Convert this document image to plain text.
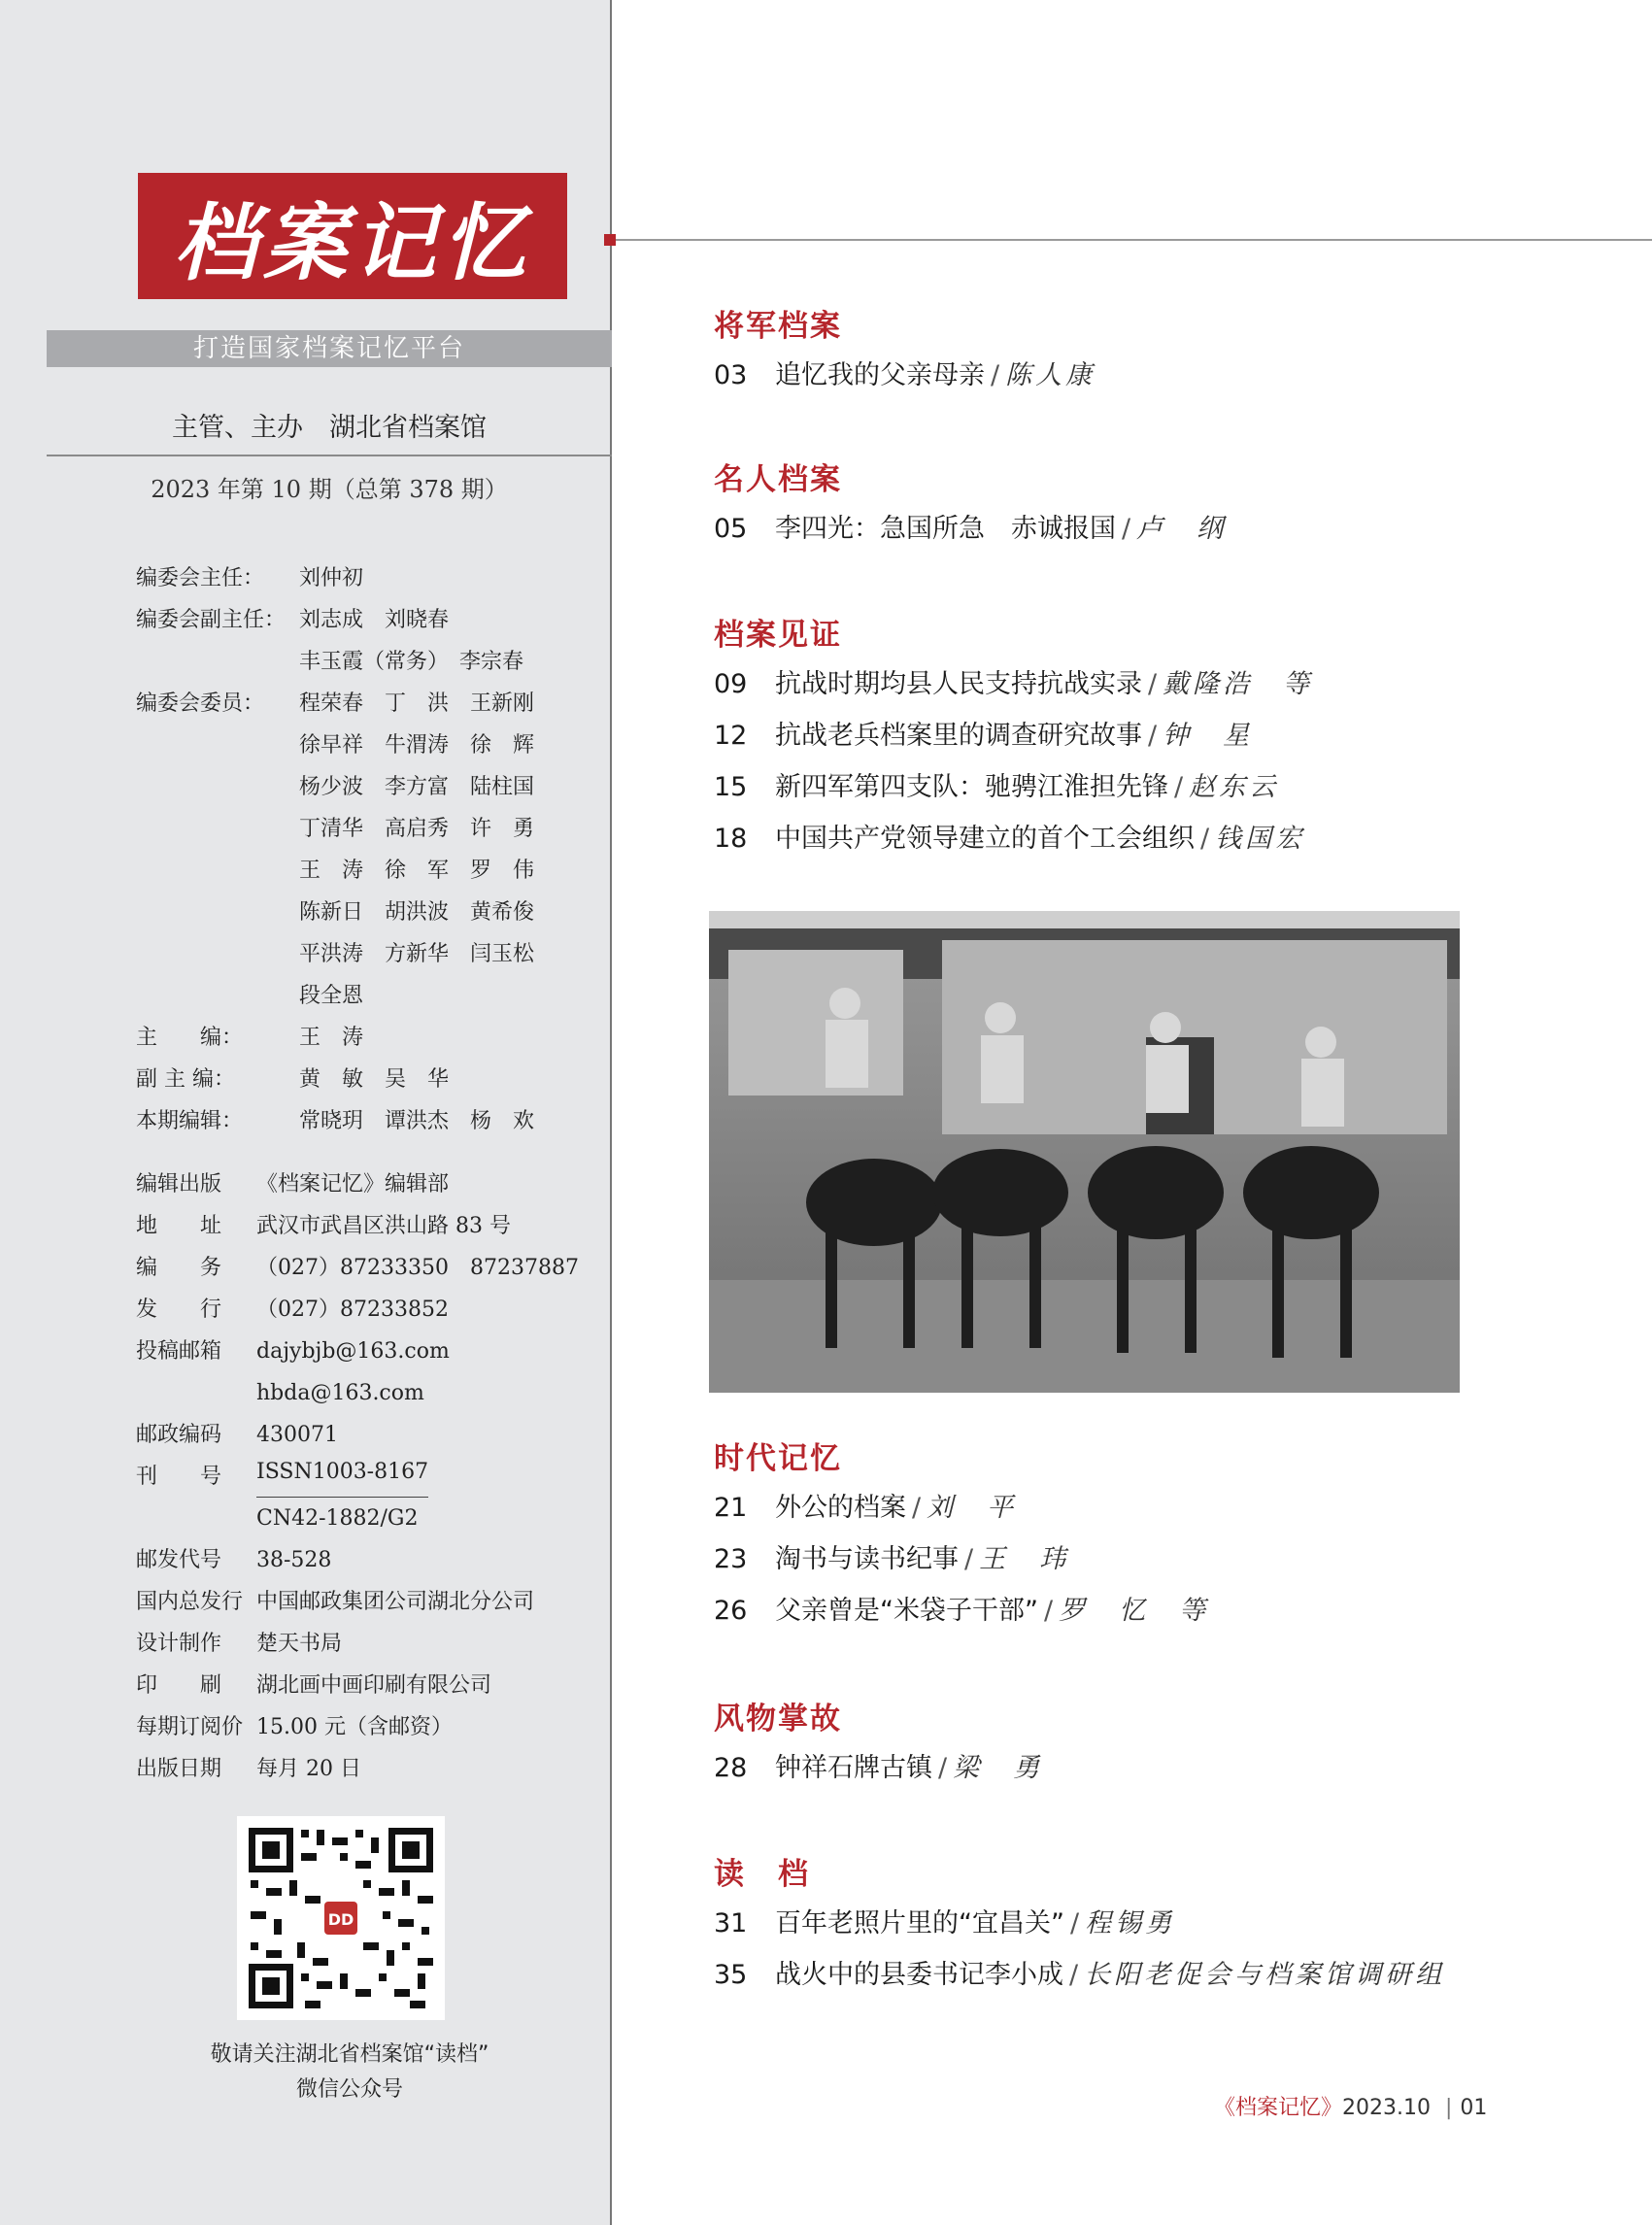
档案记忆
打造国家档案记忆平台
主管、主办　湖北省档案馆
2023 年第 10 期（总第 378 期）
编委会主任：	刘仲初
编委会副主任： 刘志成　刘晓春
丰玉霞（常务）　李宗春
编委会委员：	程荣春　丁　洪　王新刚
徐早祥　牛渭涛　徐　辉
杨少波　李方富　陆柱国
丁清华　高启秀　许　勇
王　涛　徐　军　罗　伟
陈新日　胡洪波　黄希俊
平洪涛　方新华　闫玉松
段全恩
主　　编：	王　涛
副 主 编：	黄　敏　吴　华
本期编辑：	常晓玥　谭洪杰　杨　欢
编辑出版	《档案记忆》编辑部
地　　址	武汉市武昌区洪山路 83 号
编　　务	（027）87233350　87237887
发　　行	（027）87233852
投稿邮箱	dajybjb@163.com
hbda@163.com
邮政编码	430071
刊　　号	ISSN1003-8167
CN42-1882/G2
邮发代号	38-528
国内总发行 中国邮政集团公司湖北分公司
设计制作	楚天书局
印　　刷	湖北画中画印刷有限公司
每期订阅价 15.00 元（含邮资）
出版日期	每月 20 日
DD
敬请关注湖北省档案馆“读档”
微信公众号
将军档案
03	追忆我的父亲母亲 / 陈人康
名人档案
05	李四光：急国所急　赤诚报国 / 卢　纲
档案见证
09	抗战时期均县人民支持抗战实录 / 戴隆浩　等
12	抗战老兵档案里的调查研究故事 / 钟　星
15	新四军第四支队：驰骋江淮担先锋 / 赵东云
18	中国共产党领导建立的首个工会组织 / 钱国宏
时代记忆
21	外公的档案 / 刘　平
23	淘书与读书纪事 / 王　玮
26	父亲曾是“米袋子干部” / 罗　忆　等
风物掌故
28	钟祥石牌古镇 / 梁　勇
读　档
31	百年老照片里的“宜昌关” / 程锡勇
35	战火中的县委书记李小成 / 长阳老促会与档案馆调研组
《档案记忆》2023.10 | 01
